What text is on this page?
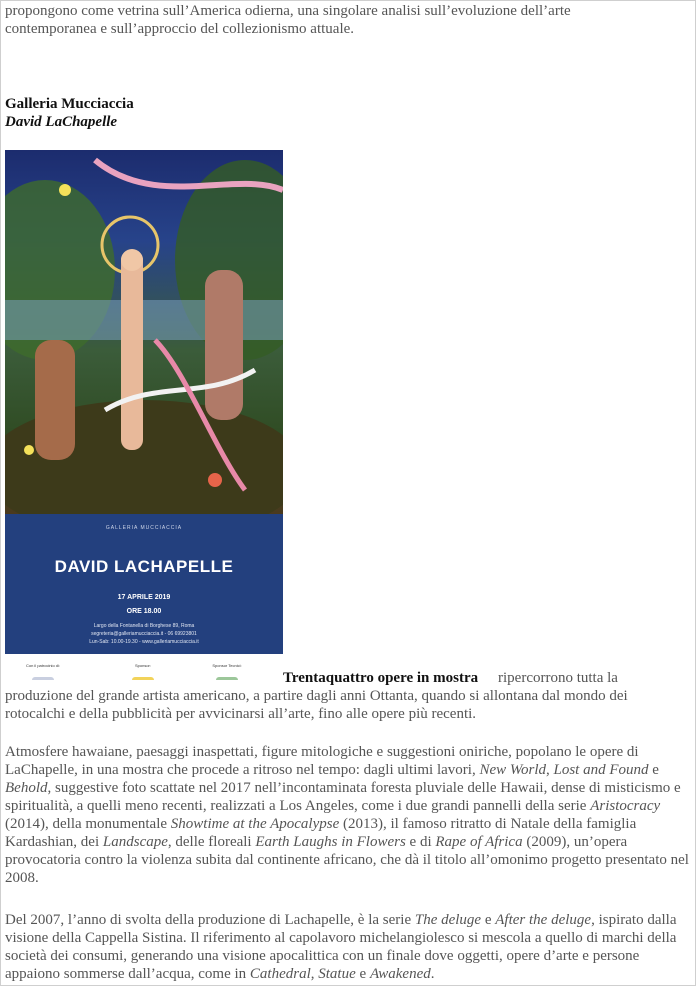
propongono come vetrina sull’America odierna, una singolare analisi sull’evoluzione dell’arte

contemporanea e sull’approccio del collezionismo attuale.

Galleria Mucciaccia
David LaChapelle
GALLERIA MUCCIACCIA
DAVID LACHAPELLE
17 APRILE 2019
ORE 18.00
Largo della Fontanella di Borghese 89, Roma
segreteria@galleriamucciaccia.it - 06 69923801
Lun-Sab: 10.00-19.30 - www.galleriamucciaccia.it
Con il patrocinio di:	Sponsor:	Sponsor Tecnici:
Trentaquattro opere in mostra ripercorrono tutta la

produzione del grande artista americano, a partire dagli anni Ottanta, quando si allontana dal mondo dei

rotocalchi e della pubblicità per avvicinarsi all’arte, fino alle opere più recenti.

Atmosfere hawaiane, paesaggi inaspettati, figure mitologiche e suggestioni oniriche, popolano le opere di LaChapelle, in una mostra che procede a ritroso nel tempo: dagli ultimi lavori, New World, Lost and Found e Behold, suggestive foto scattate nel 2017 nell’incontaminata foresta pluviale delle Hawaii, dense di misticismo e spiritualità, a quelli meno recenti, realizzati a Los Angeles, come i due grandi pannelli della serie Aristocracy (2014), della monumentale Showtime at the Apocalypse (2013), il famoso ritratto di Natale della famiglia Kardashian, dei Landscape, delle floreali Earth Laughs in Flowers e di Rape of Africa (2009), un’opera provocatoria contro la violenza subita dal continente africano, che dà il titolo all’omonimo progetto presentato nel 2008.

Del 2007, l’anno di svolta della produzione di Lachapelle, è la serie The deluge e After the deluge, ispirato dalla visione della Cappella Sistina. Il riferimento al capolavoro michelangiolesco si mescola a quello di marchi della società dei consumi, generando una visione apocalittica con un finale dove oggetti, opere d’arte e persone appaiono sommerse dall’acqua, come in Cathedral, Statue e Awakened.
